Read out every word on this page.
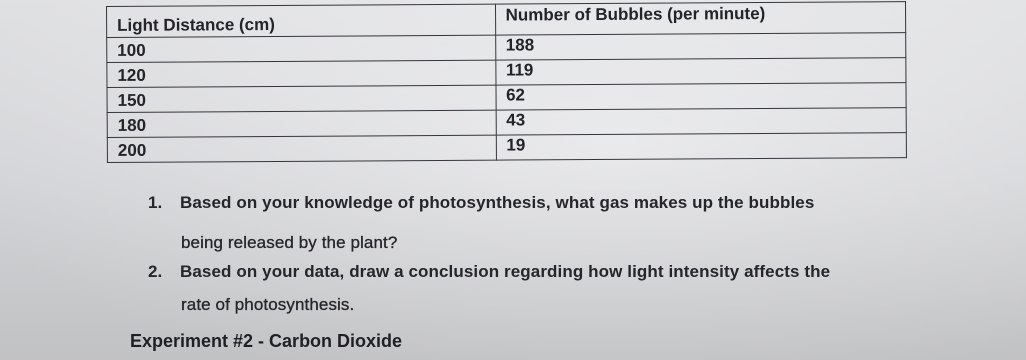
Light Distance (cm)	Number of Bubbles (per minute)
100	188
120	119
150	62
180	43
200	19
1. Based on your knowledge of photosynthesis, what gas makes up the bubbles
being released by the plant?
2. Based on your data, draw a conclusion regarding how light intensity affects the
rate of photosynthesis.
Experiment #2 - Carbon Dioxide
